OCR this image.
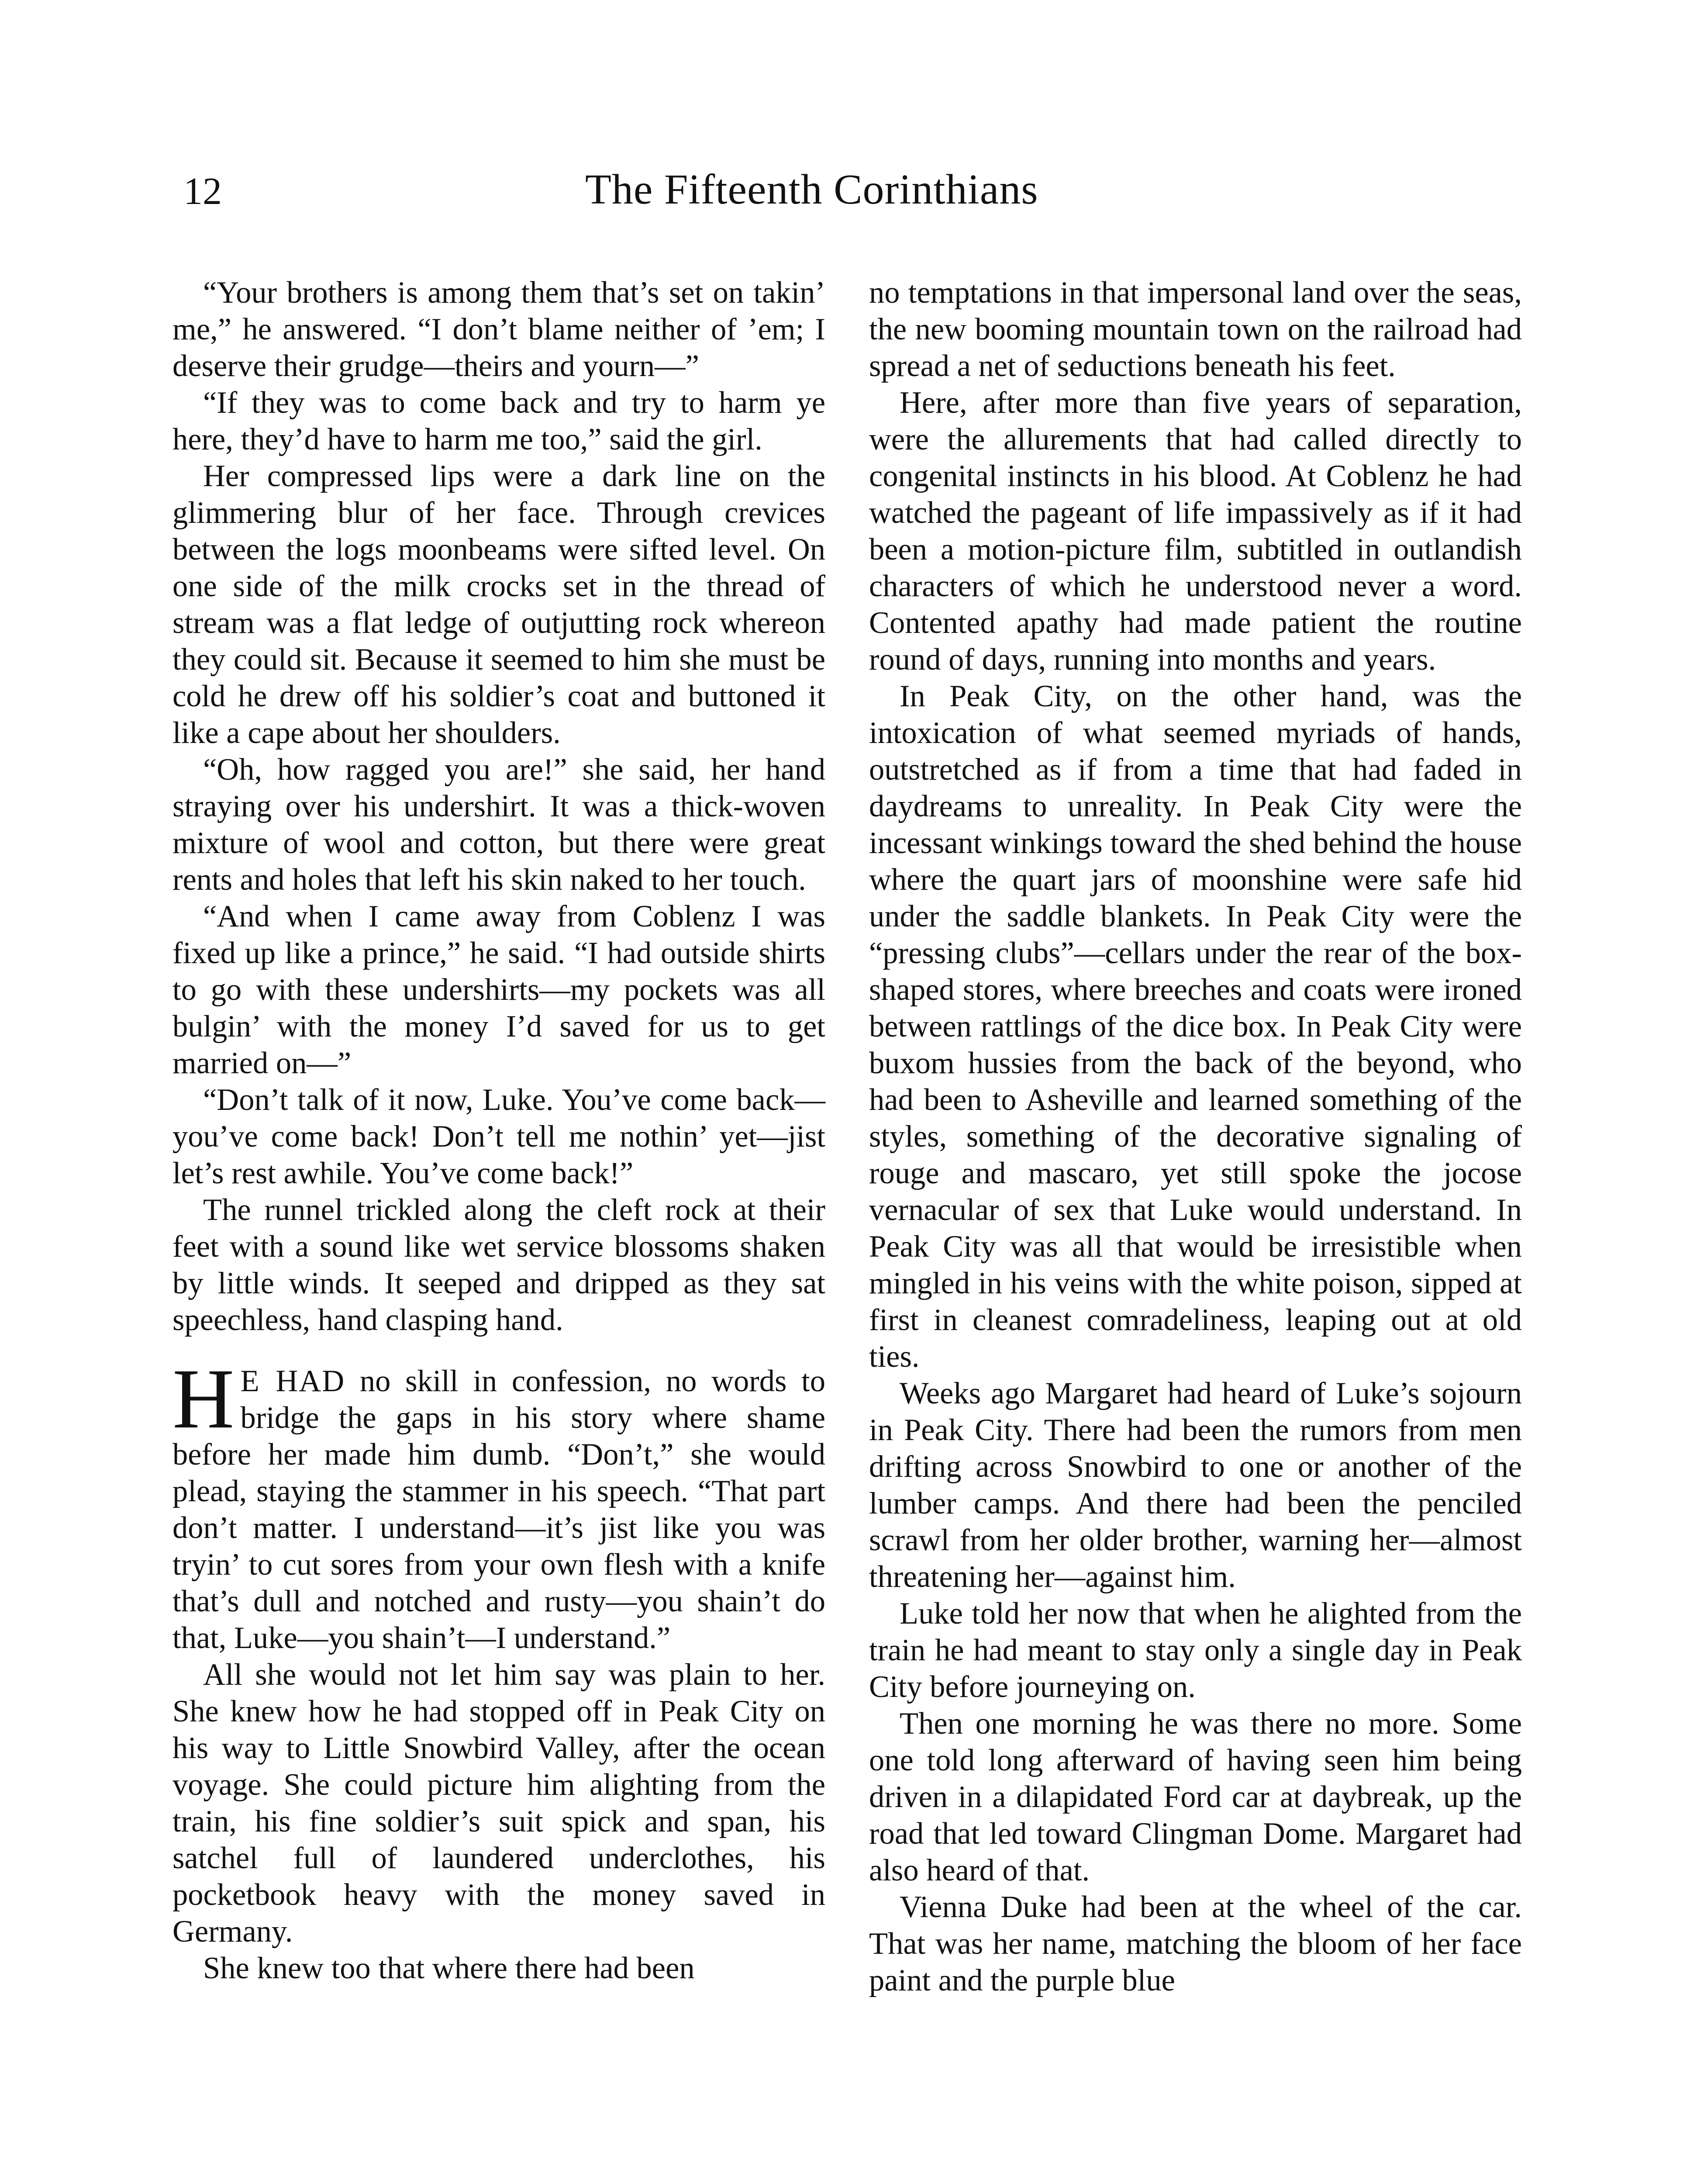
12	The Fifteenth Corinthians

“Your brothers is among them that’s set on takin’ me,” he answered. “I don’t blame neither of ’em; I deserve their grudge—theirs and yourn—”

“If they was to come back and try to harm ye here, they’d have to harm me too,” said the girl.

Her compressed lips were a dark line on the glimmering blur of her face. Through crevices between the logs moonbeams were sifted level. On one side of the milk crocks set in the thread of stream was a flat ledge of outjutting rock whereon they could sit. Because it seemed to him she must be cold he drew off his soldier’s coat and buttoned it like a cape about her shoulders.

“Oh, how ragged you are!” she said, her hand straying over his undershirt. It was a thick-woven mixture of wool and cotton, but there were great rents and holes that left his skin naked to her touch.

“And when I came away from Coblenz I was fixed up like a prince,” he said. “I had outside shirts to go with these undershirts—my pockets was all bulgin’ with the money I’d saved for us to get married on—”

“Don’t talk of it now, Luke. You’ve come back—you’ve come back! Don’t tell me nothin’ yet—jist let’s rest awhile. You’ve come back!”

The runnel trickled along the cleft rock at their feet with a sound like wet service blossoms shaken by little winds. It seeped and dripped as they sat speechless, hand clasping hand.

H E HAD no skill in confession, no words to bridge the gaps in his story where shame before her made him dumb. “Don’t,” she would plead, staying the stammer in his speech. “That part don’t matter. I understand—it’s jist like you was tryin’ to cut sores from your own flesh with a knife that’s dull and notched and rusty—you shain’t do that, Luke—you shain’t—I understand.”

All she would not let him say was plain to her. She knew how he had stopped off in Peak City on his way to Little Snowbird Valley, after the ocean voyage. She could picture him alighting from the train, his fine soldier’s suit spick and span, his satchel full of laundered underclothes, his pocketbook heavy with the money saved in Germany.

She knew too that where there had been

no temptations in that impersonal land over the seas, the new booming mountain town on the railroad had spread a net of seductions beneath his feet.

Here, after more than five years of separation, were the allurements that had called directly to congenital instincts in his blood. At Coblenz he had watched the pageant of life impassively as if it had been a motion-picture film, subtitled in outlandish characters of which he understood never a word. Contented apathy had made patient the routine round of days, running into months and years.

In Peak City, on the other hand, was the intoxication of what seemed myriads of hands, outstretched as if from a time that had faded in daydreams to unreality. In Peak City were the incessant winkings toward the shed behind the house where the quart jars of moonshine were safe hid under the saddle blankets. In Peak City were the “pressing clubs”—cellars under the rear of the box-shaped stores, where breeches and coats were ironed between rattlings of the dice box. In Peak City were buxom hussies from the back of the beyond, who had been to Asheville and learned something of the styles, something of the decorative signaling of rouge and mascaro, yet still spoke the jocose vernacular of sex that Luke would understand. In Peak City was all that would be irresistible when mingled in his veins with the white poison, sipped at first in cleanest comradeliness, leaping out at old ties.

Weeks ago Margaret had heard of Luke’s sojourn in Peak City. There had been the rumors from men drifting across Snowbird to one or another of the lumber camps. And there had been the penciled scrawl from her older brother, warning her—almost threatening her—against him.

Luke told her now that when he alighted from the train he had meant to stay only a single day in Peak City before journeying on.

Then one morning he was there no more. Some one told long afterward of having seen him being driven in a dilapidated Ford car at daybreak, up the road that led toward Clingman Dome. Margaret had also heard of that.

Vienna Duke had been at the wheel of the car. That was her name, matching the bloom of her face paint and the purple blue
